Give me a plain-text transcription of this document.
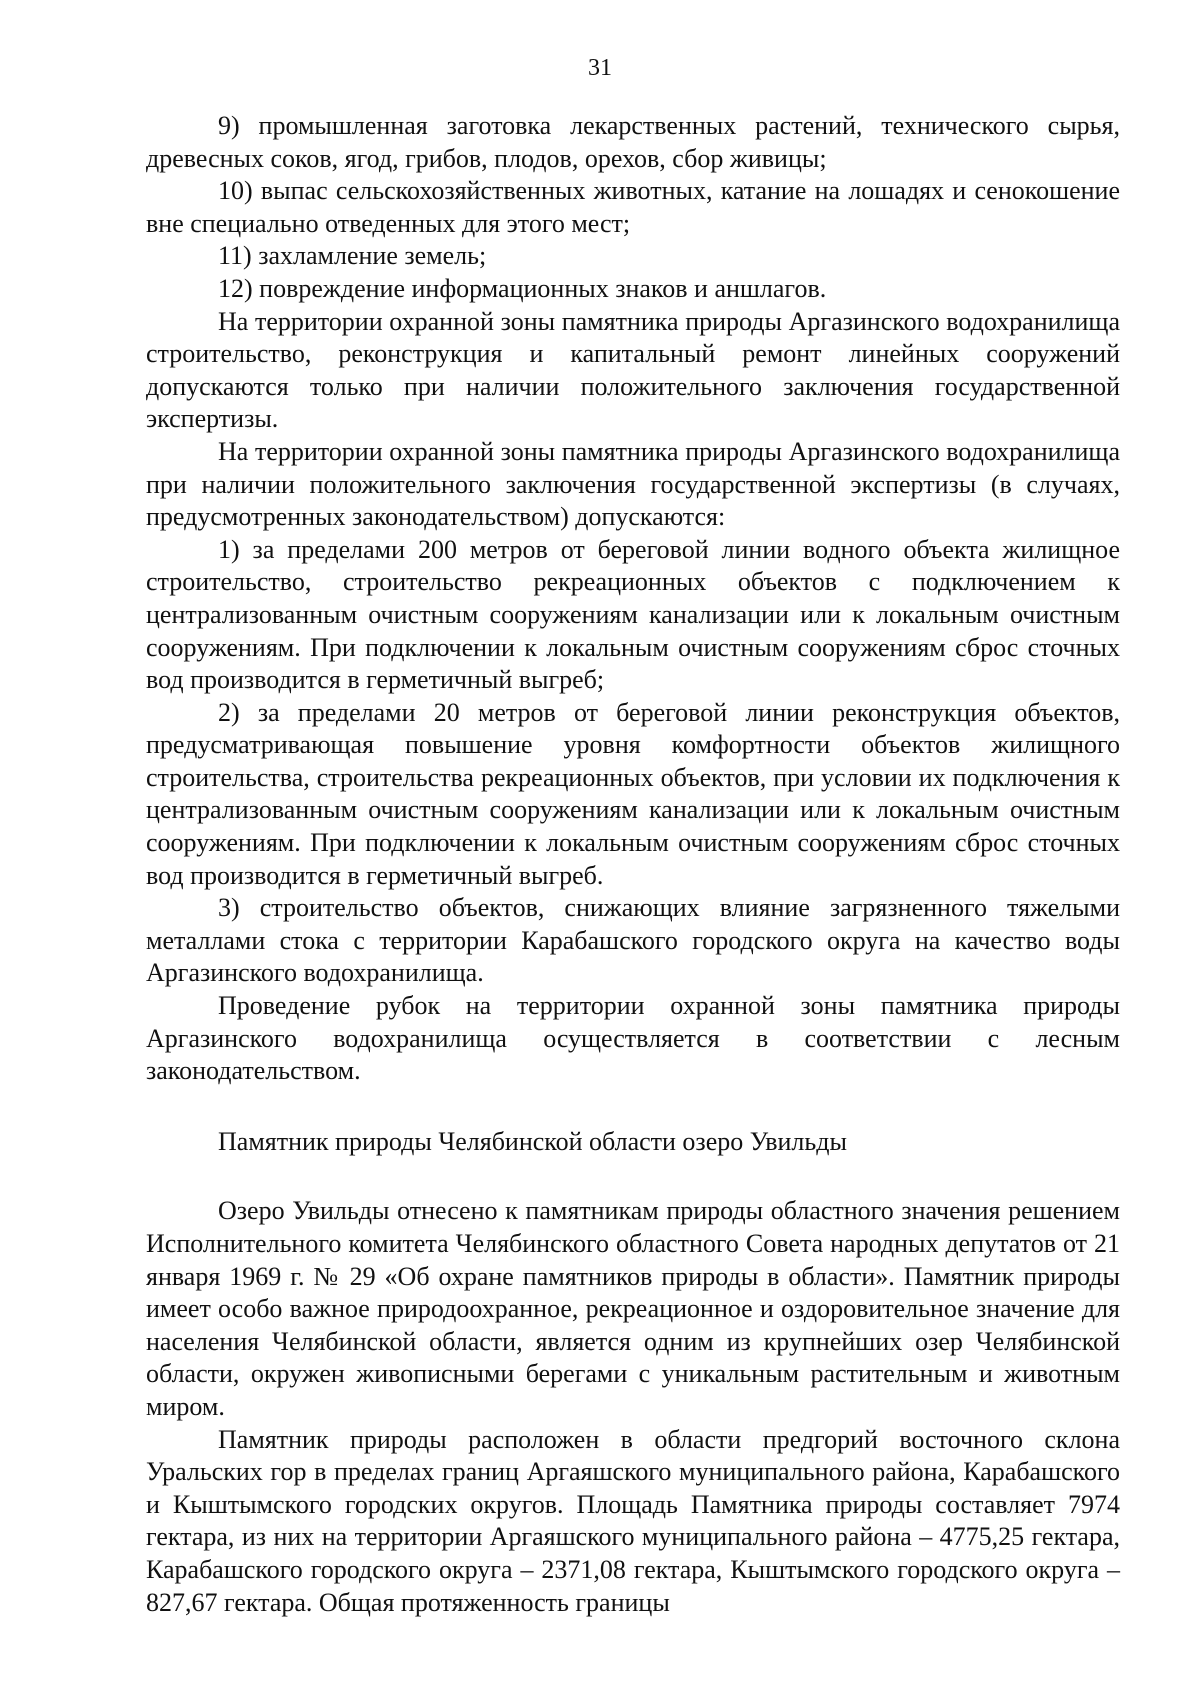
31

9) промышленная заготовка лекарственных растений, технического сырья, древесных соков, ягод, грибов, плодов, орехов, сбор живицы;

10) выпас сельскохозяйственных животных, катание на лошадях и сенокошение вне специально отведенных для этого мест;

11) захламление земель;

12) повреждение информационных знаков и аншлагов.

На территории охранной зоны памятника природы Аргазинского водохранилища строительство, реконструкция и капитальный ремонт линейных сооружений допускаются только при наличии положительного заключения государственной экспертизы.

На территории охранной зоны памятника природы Аргазинского водохранилища при наличии положительного заключения государственной экспертизы (в случаях, предусмотренных законодательством) допускаются:

1) за пределами 200 метров от береговой линии водного объекта жилищное строительство, строительство рекреационных объектов с подключением к централизованным очистным сооружениям канализации или к локальным очистным сооружениям. При подключении к локальным очистным сооружениям сброс сточных вод производится в герметичный выгреб;

2) за пределами 20 метров от береговой линии реконструкция объектов, предусматривающая повышение уровня комфортности объектов жилищного строительства, строительства рекреационных объектов, при условии их подключения к централизованным очистным сооружениям канализации или к локальным очистным сооружениям. При подключении к локальным очистным сооружениям сброс сточных вод производится в герметичный выгреб.

3) строительство объектов, снижающих влияние загрязненного тяжелыми металлами стока с территории Карабашского городского округа на качество воды Аргазинского водохранилища.

Проведение рубок на территории охранной зоны памятника природы Аргазинского водохранилища осуществляется в соответствии с лесным законодательством.

Памятник природы Челябинской области озеро Увильды

Озеро Увильды отнесено к памятникам природы областного значения решением Исполнительного комитета Челябинского областного Совета народных депутатов от 21 января 1969 г. № 29 «Об охране памятников природы в области». Памятник природы имеет особо важное природоохранное, рекреационное и оздоровительное значение для населения Челябинской области, является одним из крупнейших озер Челябинской области, окружен живописными берегами с уникальным растительным и животным миром.

Памятник природы расположен в области предгорий восточного склона Уральских гор в пределах границ Аргаяшского муниципального района, Карабашского и Кыштымского городских округов. Площадь Памятника природы составляет 7974 гектара, из них на территории Аргаяшского муниципального района – 4775,25 гектара, Карабашского городского округа – 2371,08 гектара, Кыштымского городского округа – 827,67 гектара. Общая протяженность границы
